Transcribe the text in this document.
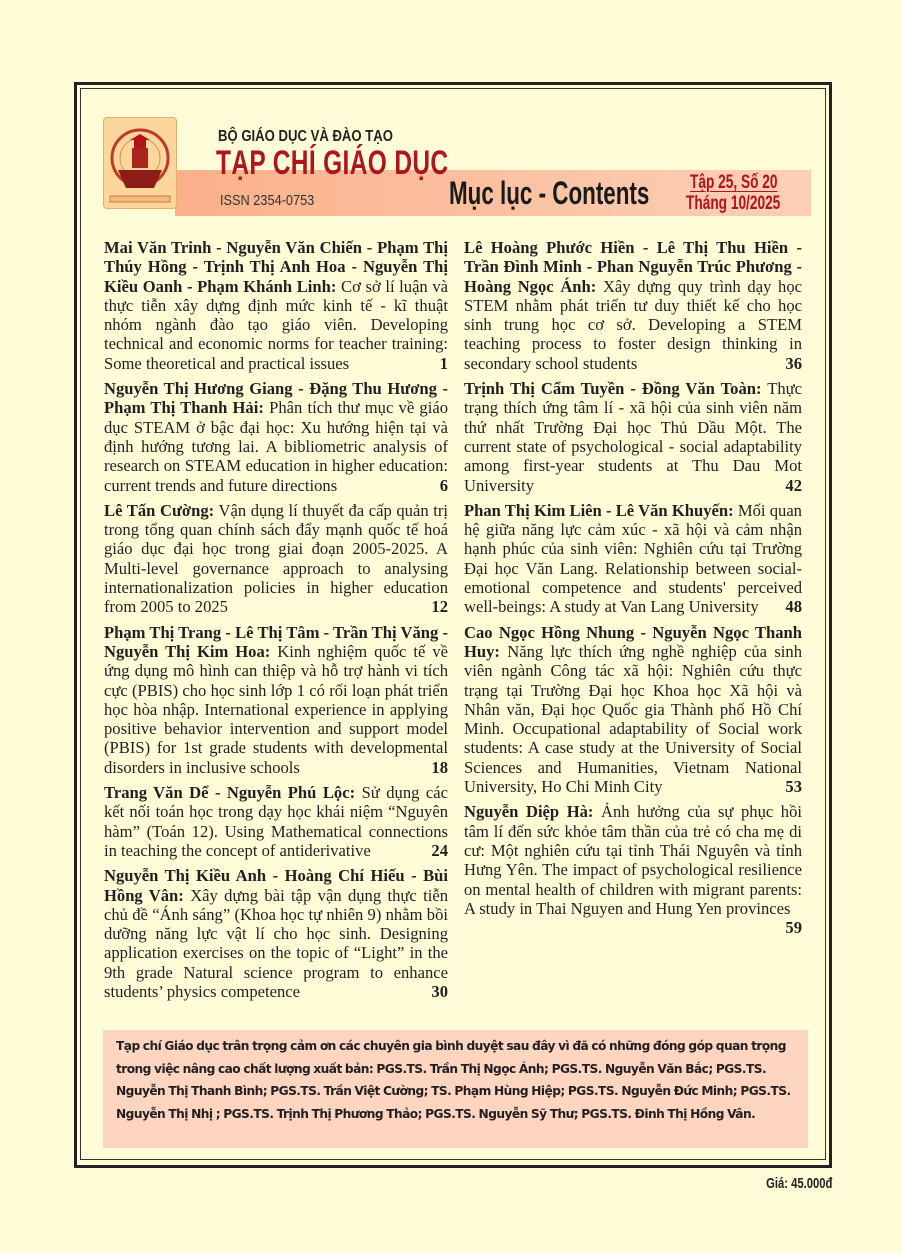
BỘ GIÁO DỤC VÀ ĐÀO TẠO
TẠP CHÍ GIÁO DỤC
ISSN 2354-0753	Mục lục - Contents Tập 25, Số 20
Tháng 10/2025

Mai Văn Trinh - Nguyễn Văn Chiến - Phạm Thị Thúy Hồng - Trịnh Thị Anh Hoa - Nguyễn Thị Kiều Oanh - Phạm Khánh Linh: Cơ sở lí luận và thực tiễn xây dựng định mức kinh tế - kĩ thuật nhóm ngành đào tạo giáo viên. Developing technical and economic norms for teacher training: Some theoretical and practical issues	1

Nguyễn Thị Hương Giang - Đặng Thu Hương - Phạm Thị Thanh Hải: Phân tích thư mục về giáo dục STEAM ở bậc đại học: Xu hướng hiện tại và định hướng tương lai. A bibliometric analysis of research on STEAM education in higher education: current trends and future directions	6

Lê Tấn Cường: Vận dụng lí thuyết đa cấp quản trị trong tổng quan chính sách đẩy mạnh quốc tế hoá giáo dục đại học trong giai đoạn 2005-2025. A Multi-level governance approach to analysing internationalization policies in higher education from 2005 to 2025	12

Phạm Thị Trang - Lê Thị Tâm - Trần Thị Văng - Nguyễn Thị Kim Hoa: Kinh nghiệm quốc tế về ứng dụng mô hình can thiệp và hỗ trợ hành vi tích cực (PBIS) cho học sinh lớp 1 có rối loạn phát triển học hòa nhập. International experience in applying positive behavior intervention and support model (PBIS) for 1st grade students with developmental disorders in inclusive schools	18

Trang Văn Dể - Nguyễn Phú Lộc: Sử dụng các kết nối toán học trong dạy học khái niệm “Nguyên hàm” (Toán 12). Using Mathematical connections in teaching the concept of antiderivative	24

Nguyễn Thị Kiều Anh - Hoàng Chí Hiếu - Bùi Hồng Vân: Xây dựng bài tập vận dụng thực tiễn chủ đề “Ánh sáng” (Khoa học tự nhiên 9) nhằm bồi dưỡng năng lực vật lí cho học sinh. Designing application exercises on the topic of “Light” in the 9th grade Natural science program to enhance students’ physics competence	30

Lê Hoàng Phước Hiền - Lê Thị Thu Hiền - Trần Đình Minh - Phan Nguyễn Trúc Phương - Hoàng Ngọc Ánh: Xây dựng quy trình dạy học STEM nhằm phát triển tư duy thiết kế cho học sinh trung học cơ sở. Developing a STEM teaching process to foster design thinking in secondary school students	36

Trịnh Thị Cẩm Tuyền - Đồng Văn Toàn: Thực trạng thích ứng tâm lí - xã hội của sinh viên năm thứ nhất Trường Đại học Thủ Dầu Một. The current state of psychological - social adaptability among first-year students at Thu Dau Mot University	42

Phan Thị Kim Liên - Lê Văn Khuyến: Mối quan hệ giữa năng lực cảm xúc - xã hội và cảm nhận hạnh phúc của sinh viên: Nghiên cứu tại Trường Đại học Văn Lang. Relationship between social-emotional competence and students' perceived well-beings: A study at Van Lang University 48

Cao Ngọc Hồng Nhung - Nguyễn Ngọc Thanh Huy: Năng lực thích ứng nghề nghiệp của sinh viên ngành Công tác xã hội: Nghiên cứu thực trạng tại Trường Đại học Khoa học Xã hội và Nhân văn, Đại học Quốc gia Thành phố Hồ Chí Minh. Occupational adaptability of Social work students: A case study at the University of Social Sciences and Humanities, Vietnam National University, Ho Chi Minh City	53

Nguyễn Diệp Hà: Ảnh hưởng của sự phục hồi tâm lí đến sức khỏe tâm thần của trẻ có cha mẹ di cư: Một nghiên cứu tại tỉnh Thái Nguyên và tỉnh Hưng Yên. The impact of psychological resilience on mental health of children with migrant parents: A study in Thai Nguyen and Hung Yen provinces
59

Tạp chí Giáo dục trân trọng cảm ơn các chuyên gia bình duyệt sau đây vì đã có những đóng góp quan trọng trong việc nâng cao chất lượng xuất bản: PGS.TS. Trần Thị Ngọc Ánh; PGS.TS. Nguyễn Văn Bắc; PGS.TS. Nguyễn Thị Thanh Bình; PGS.TS. Trần Việt Cường; TS. Phạm Hùng Hiệp; PGS.TS. Nguyễn Đức Minh; PGS.TS. Nguyễn Thị Nhị ; PGS.TS. Trịnh Thị Phương Thảo; PGS.TS. Nguyễn Sỹ Thư; PGS.TS. Đinh Thị Hồng Vân.

Giá: 45.000đ
